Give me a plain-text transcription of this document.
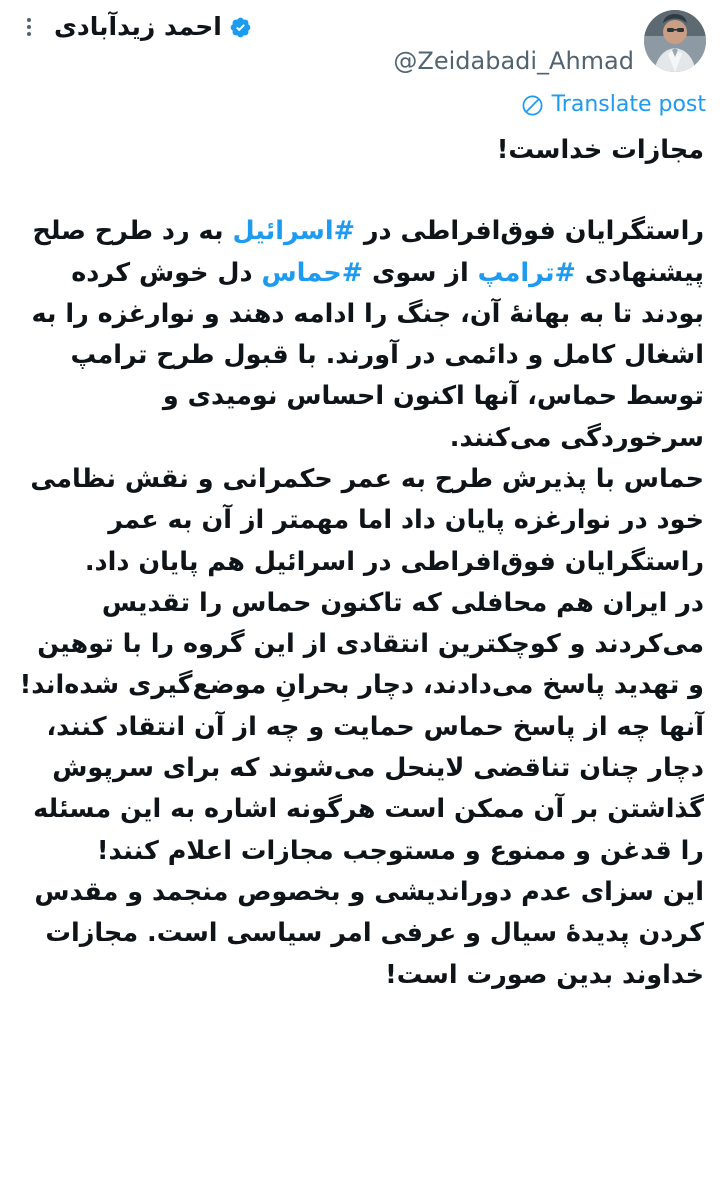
احمد زیدآبادی
@Zeidabadi_Ahmad
Translate post

مجازات خداست!

راستگرایان فوق‌افراطی در #اسرائیل به رد طرح صلح پیشنهادی #ترامپ از سوی #حماس دل خوش کرده بودند تا به بهانهٔ آن، جنگ را ادامه دهند و نوارغزه را به اشغال کامل و دائمی در آورند. با قبول طرح ترامپ توسط حماس، آنها اکنون احساس نومیدی و سرخوردگی می‌کنند.

حماس با پذیرش طرح به عمر حکمرانی و نقش نظامی خود در نوارغزه پایان داد اما مهمتر از آن به عمر راستگرایان فوق‌افراطی در اسرائیل هم پایان داد.

در ایران هم محافلی که تاکنون حماس را تقدیس می‌کردند و کوچکترین انتقادی از این گروه را با توهین و تهدید پاسخ می‌دادند، دچار بحرانِ موضع‌گیری شده‌اند! آنها چه از پاسخ حماس حمایت و چه از آن انتقاد کنند، دچار چنان تناقضی لاینحل می‌شوند که برای سرپوش گذاشتن بر آن ممکن است هرگونه اشاره به این مسئله را قدغن و ممنوع و مستوجب مجازات اعلام کنند!

این سزای عدم دوراندیشی و بخصوص منجمد و مقدس کردن پدیدهٔ سیال و عرفی امر سیاسی است. مجازات خداوند بدین صورت است!
